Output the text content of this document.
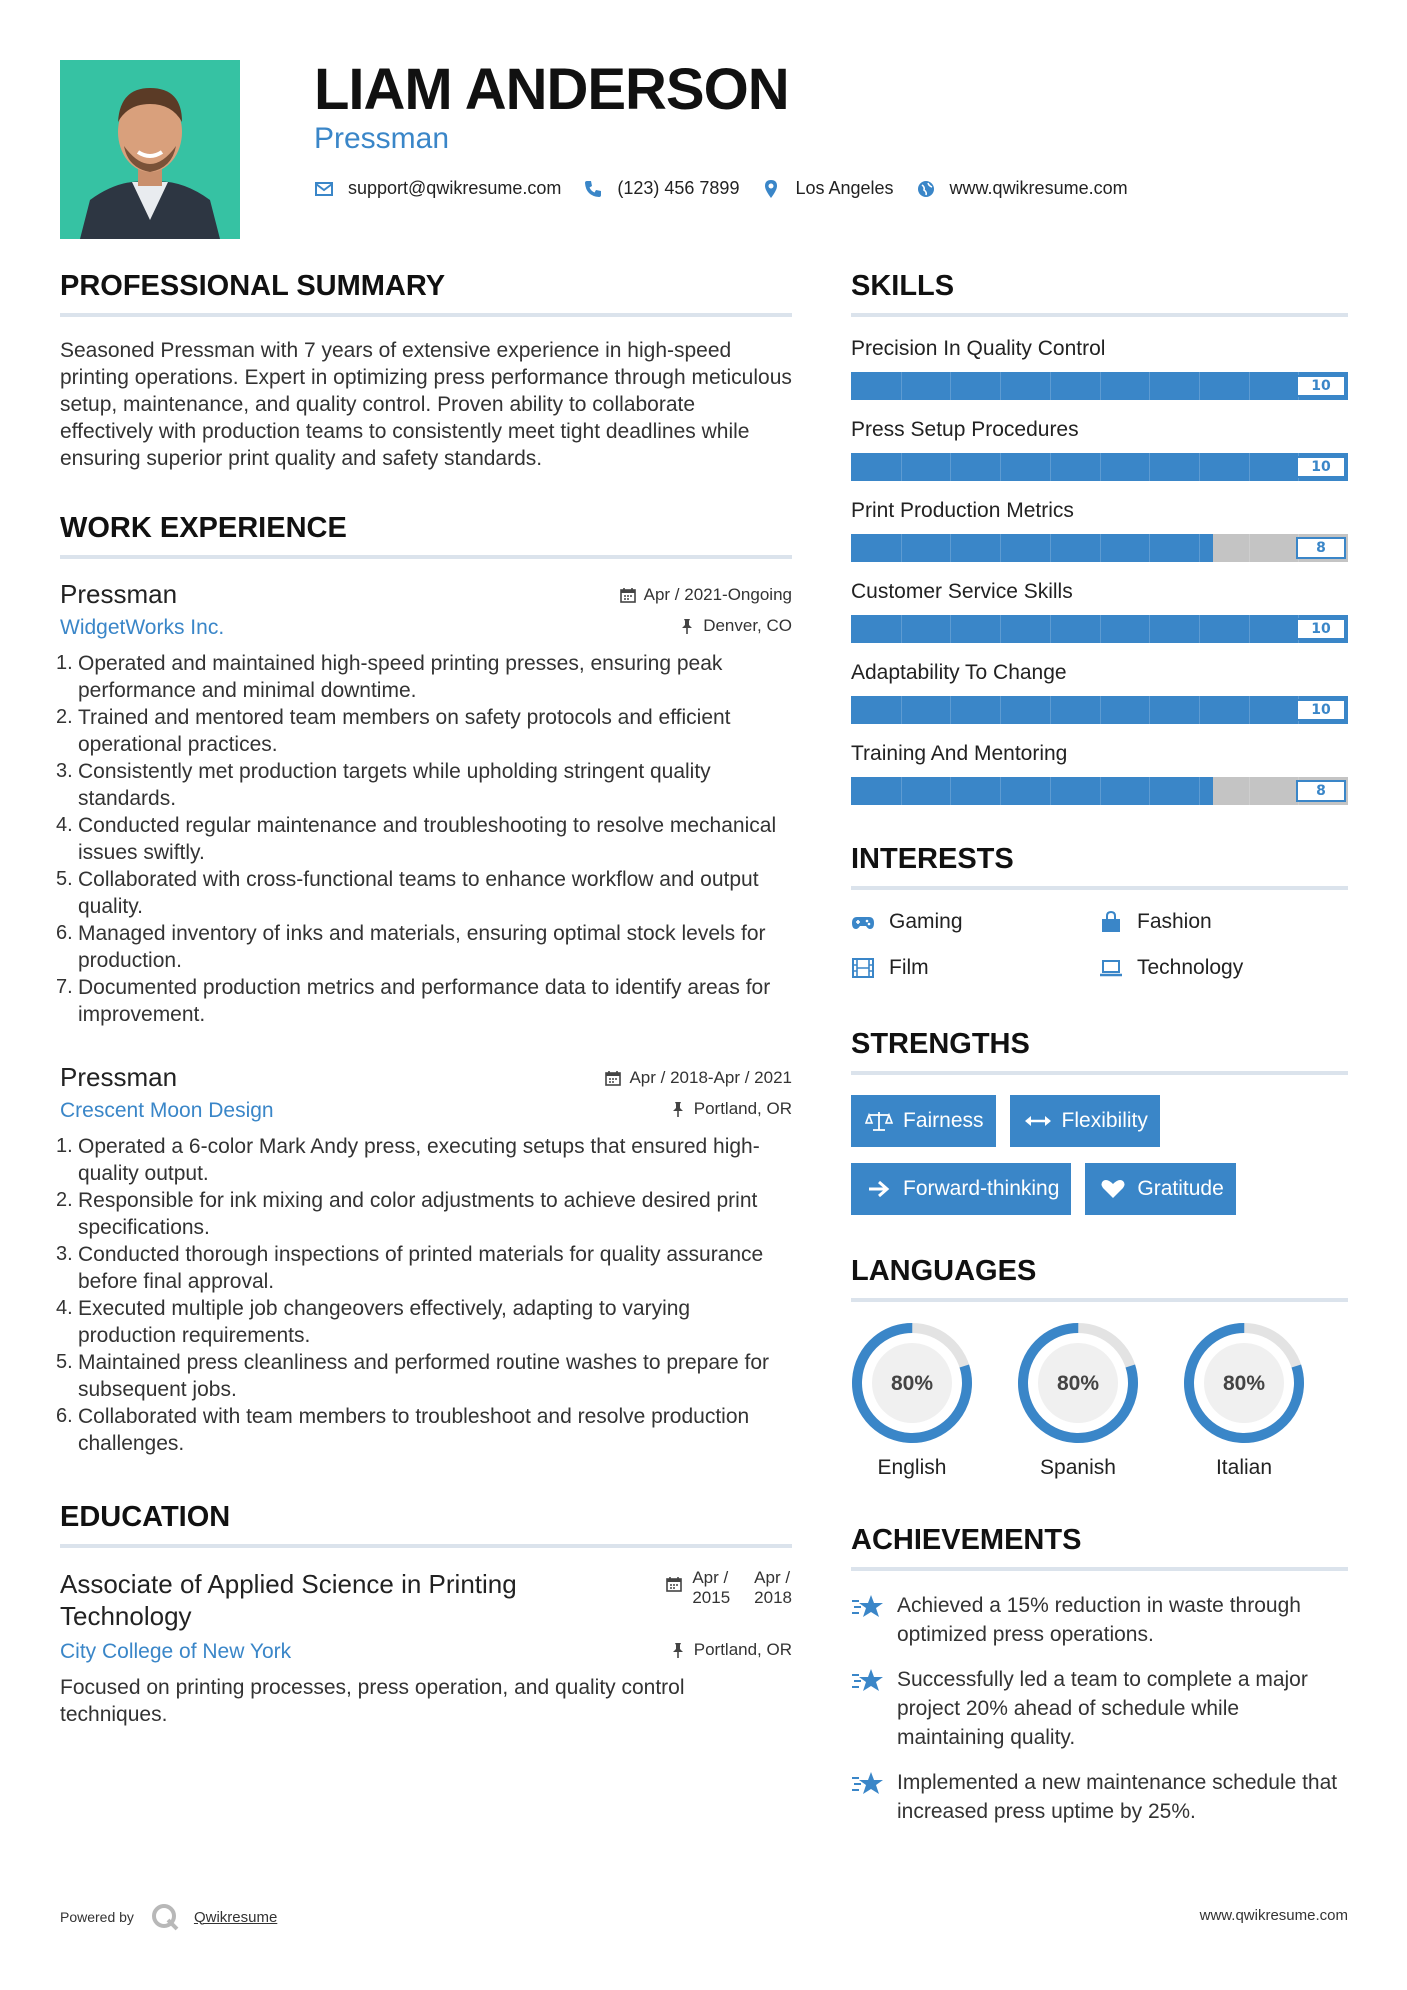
LIAM ANDERSON
Pressman
support@qwikresume.com	(123) 456 7899	Los Angeles	www.qwikresume.com
PROFESSIONAL SUMMARY
Seasoned Pressman with 7 years of extensive experience in high-speed printing operations. Expert in optimizing press performance through meticulous setup, maintenance, and quality control. Proven ability to collaborate effectively with production teams to consistently meet tight deadlines while ensuring superior print quality and safety standards.
WORK EXPERIENCE
Pressman	Apr / 2021-Ongoing
WidgetWorks Inc.	Denver, CO
Operated and maintained high-speed printing presses, ensuring peak performance and minimal downtime.
Trained and mentored team members on safety protocols and efficient operational practices.
Consistently met production targets while upholding stringent quality standards.
Conducted regular maintenance and troubleshooting to resolve mechanical issues swiftly.
Collaborated with cross-functional teams to enhance workflow and output quality.
Managed inventory of inks and materials, ensuring optimal stock levels for production.
Documented production metrics and performance data to identify areas for improvement.
Pressman	Apr / 2018-Apr / 2021
Crescent Moon Design	Portland, OR
Operated a 6-color Mark Andy press, executing setups that ensured high-quality output.
Responsible for ink mixing and color adjustments to achieve desired print specifications.
Conducted thorough inspections of printed materials for quality assurance before final approval.
Executed multiple job changeovers effectively, adapting to varying production requirements.
Maintained press cleanliness and performed routine washes to prepare for subsequent jobs.
Collaborated with team members to troubleshoot and resolve production challenges.
EDUCATION
Associate of Applied Science in Printing Technology
Apr /
2015
Apr /
2018
City College of New York	Portland, OR
Focused on printing processes, press operation, and quality control techniques.
SKILLS
Precision In Quality Control
10
Press Setup Procedures
10
Print Production Metrics
8
Customer Service Skills
10
Adaptability To Change
10
Training And Mentoring
8
INTERESTS
Gaming	Fashion
Film	Technology
STRENGTHS
Fairness	Flexibility
Forward-thinking	Gratitude
LANGUAGES
80%
English
80%
Spanish
80%
Italian
ACHIEVEMENTS
Achieved a 15% reduction in waste through optimized press operations.
Successfully led a team to complete a major project 20% ahead of schedule while maintaining quality.
Implemented a new maintenance schedule that increased press uptime by 25%.
Powered by	Qwikresume	www.qwikresume.com
